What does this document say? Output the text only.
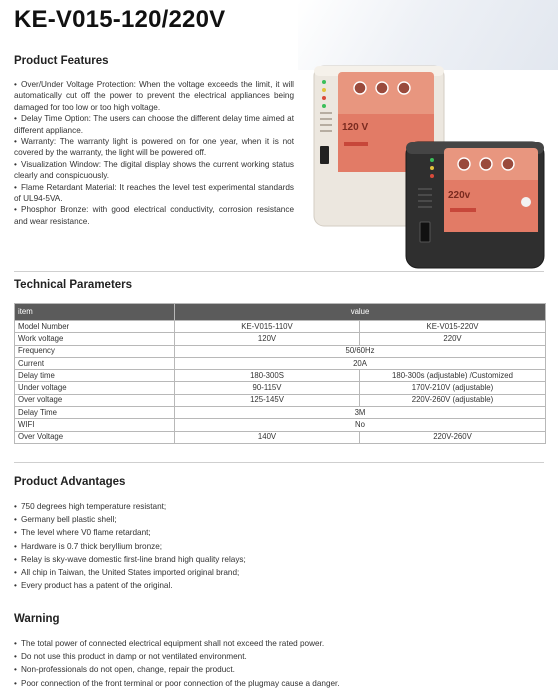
KE-V015-120/220V
Product Features
• Over/Under Voltage Protection: When the voltage exceeds the limit, it will automatically cut off the power to prevent the electrical appliances being damaged for too low or too high voltage.
• Delay Time Option: The users can choose the different delay time aimed at different appliance.
• Warranty: The warranty light is powered on for one year, when it is not covered by the warranty, the light will be powered off.
• Visualization Window: The digital display shows the current working status clearly and conspicuously.
• Flame Retardant Material: It reaches the level test experimental standards of UL94-5VA.
• Phosphor Bronze: with good electrical conductivity, corrosion resistance and wear resistance.
120 V
220v
Technical Parameters
item	value	
Model Number	KE-V015-110V	KE-V015-220V
Work voltage	120V	220V
Frequency	50/60Hz	
Current	20A	
Delay time	180-300S	180-300s (adjustable) /Customized
Under voltage	90-115V	170V-210V (adjustable)
Over voltage	125-145V	220V-260V (adjustable)
Delay Time	3M	
WIFI	No	
Over Voltage	140V	220V-260V
Product Advantages
• 750 degrees high temperature resistant;
• Germany bell plastic shell;
• The level where V0 flame retardant;
• Hardware is 0.7 thick beryllium bronze;
• Relay is sky-wave domestic first-line brand high quality relays;
• All chip in Taiwan, the United States imported original brand;
• Every product has a patent of the original.
Warning
• The total power of connected electrical equipment shall not exceed the rated power.
• Do not use this product in damp or not ventilated environment.
• Non-professionals do not open, change, repair the product.
• Poor connection of the front terminal or poor connection of the plugmay cause a danger.
